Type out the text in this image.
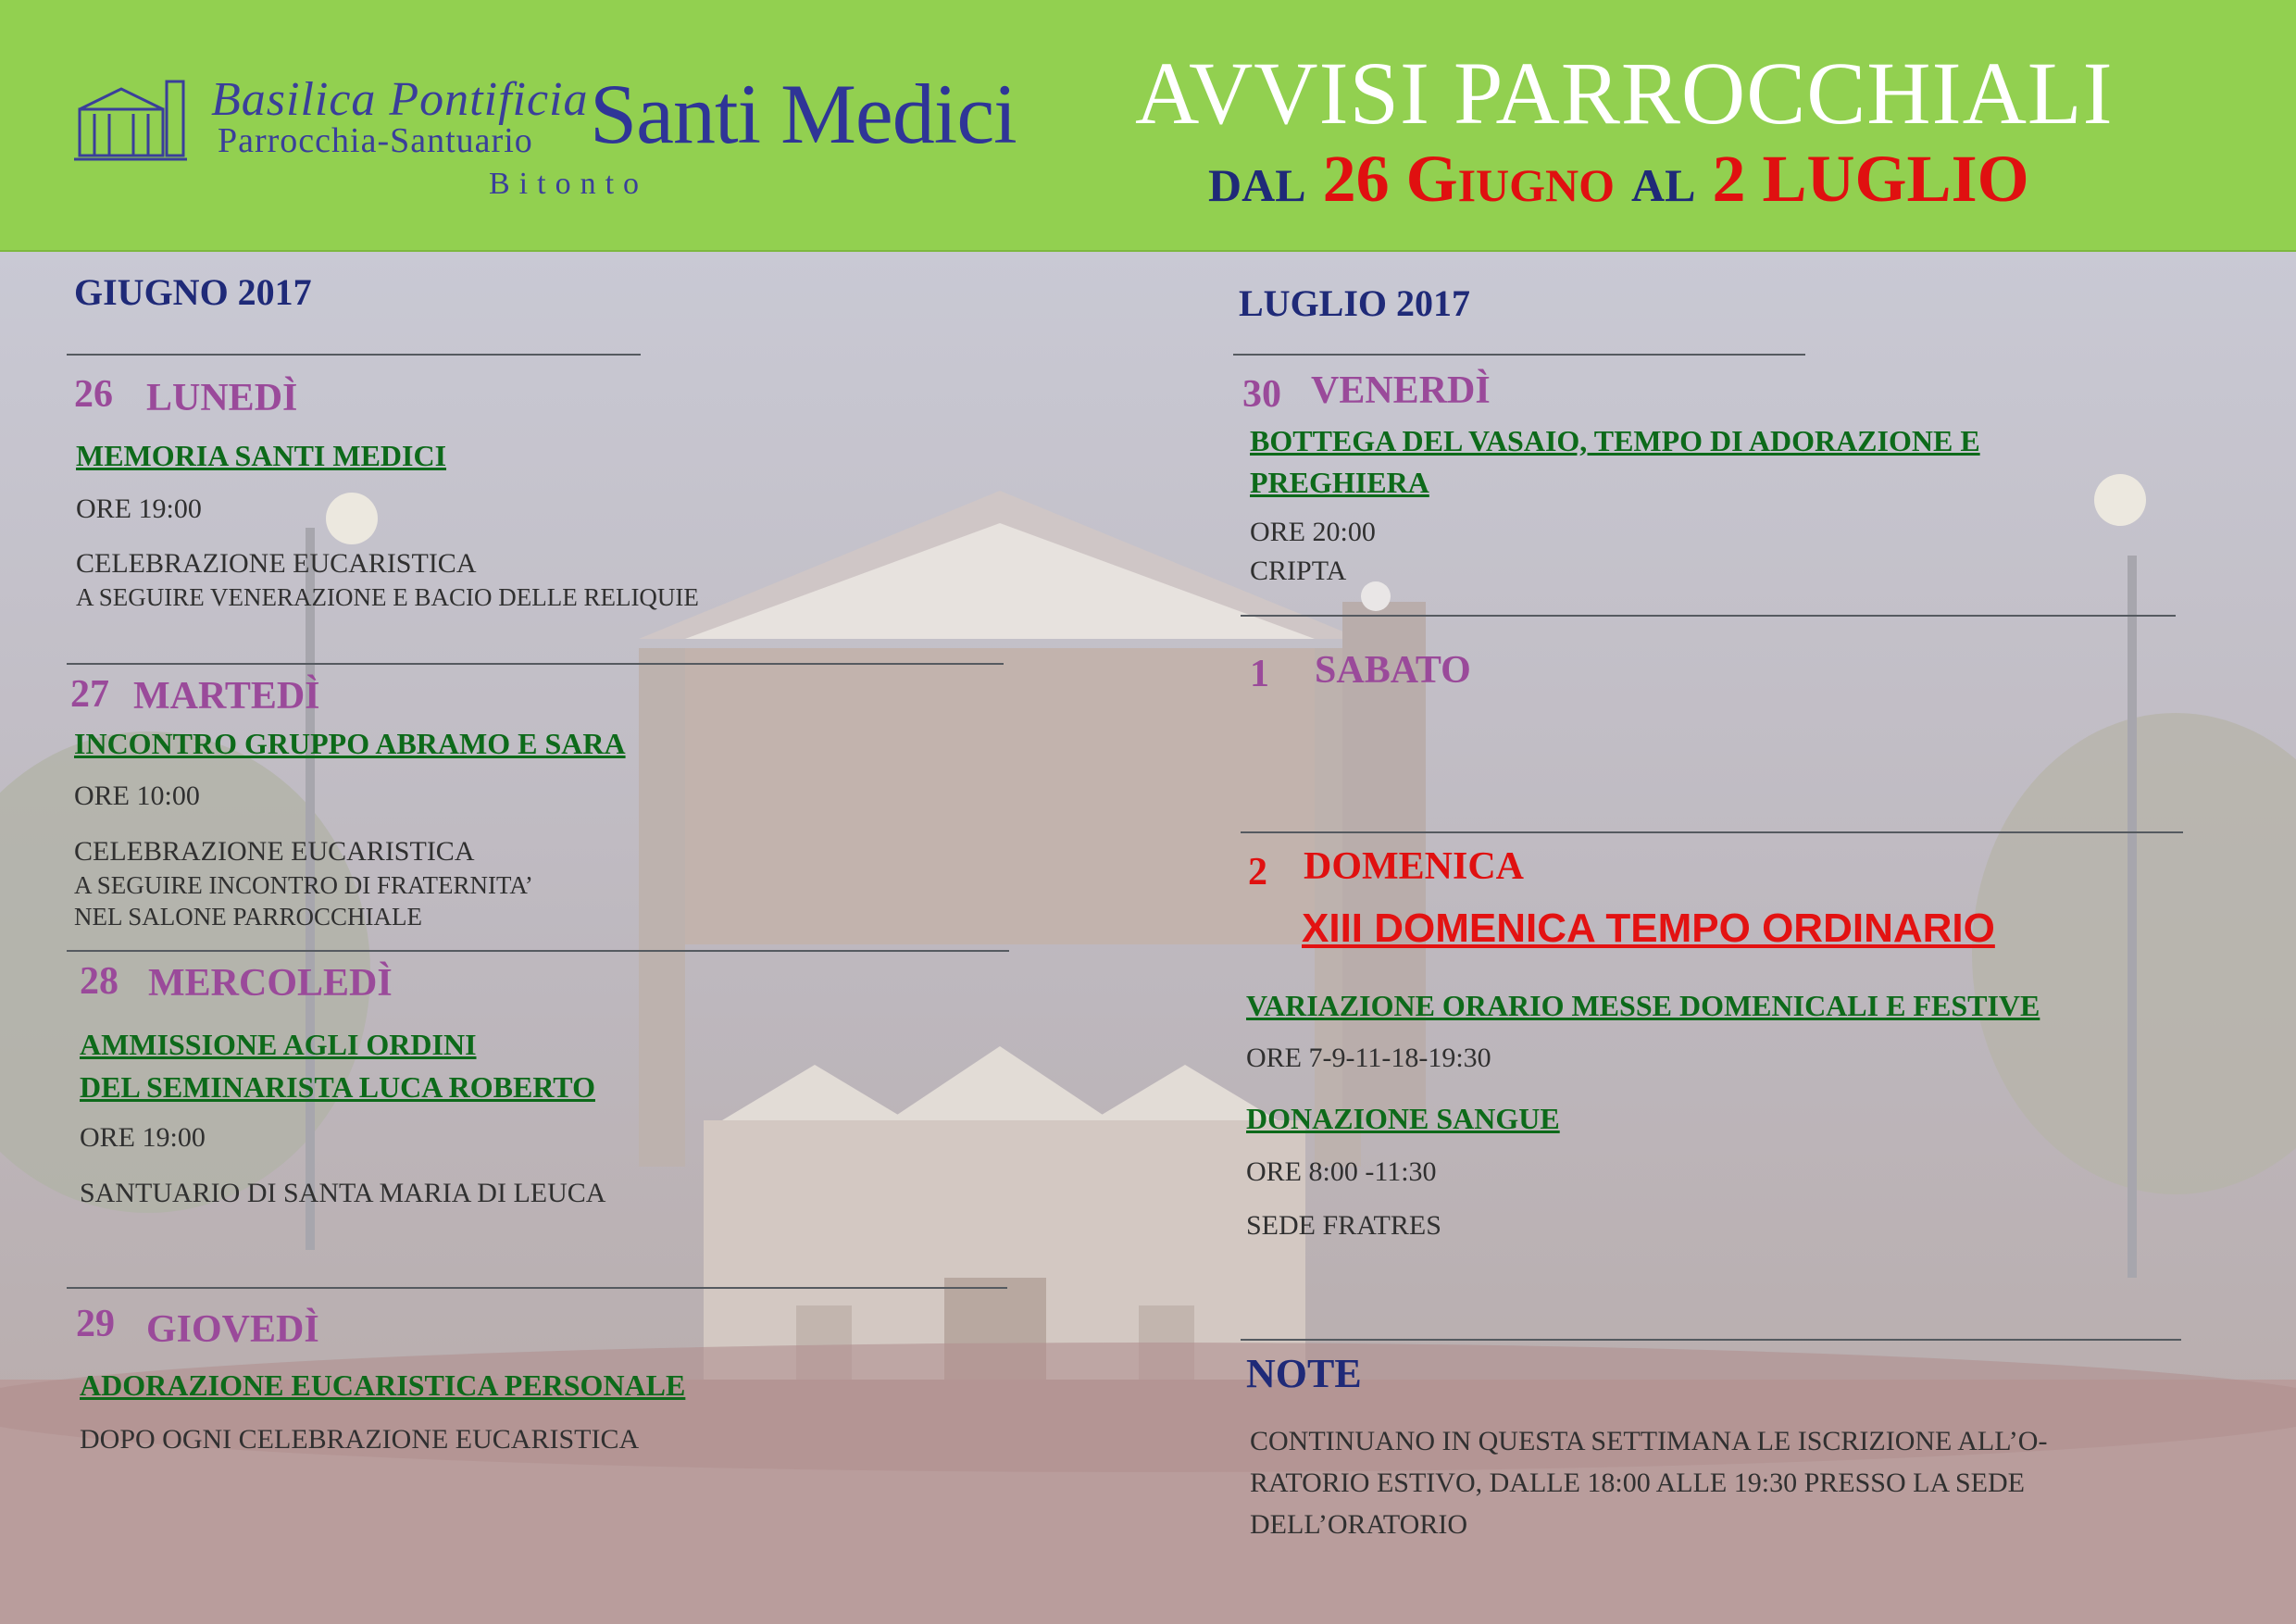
Basilica Pontificia
Parrocchia-Santuario
Bitonto
Santi Medici AVVISI PARROCCHIALI
dal 26 Giugno al 2 LUGLIO
GIUGNO 2017
26 LUNEDÌ
MEMORIA SANTI MEDICI
ORE 19:00
CELEBRAZIONE EUCARISTICA
A SEGUIRE VENERAZIONE E BACIO DELLE RELIQUIE
27 MARTEDÌ
INCONTRO GRUPPO ABRAMO E SARA
ORE 10:00
CELEBRAZIONE EUCARISTICA
A SEGUIRE INCONTRO DI FRATERNITA’
NEL SALONE PARROCCHIALE
28 MERCOLEDÌ
AMMISSIONE AGLI ORDINI
DEL SEMINARISTA LUCA ROBERTO
ORE 19:00
SANTUARIO DI SANTA MARIA DI LEUCA
29 GIOVEDÌ
ADORAZIONE EUCARISTICA PERSONALE
DOPO OGNI CELEBRAZIONE EUCARISTICA
LUGLIO 2017
30 VENERDÌ
BOTTEGA DEL VASAIO, TEMPO DI ADORAZIONE E
PREGHIERA
ORE 20:00
CRIPTA
1 SABATO
2 DOMENICA
XIII DOMENICA TEMPO ORDINARIO
VARIAZIONE ORARIO MESSE DOMENICALI E FESTIVE
ORE 7-9-11-18-19:30
DONAZIONE SANGUE
ORE 8:00 -11:30
SEDE FRATRES
NOTE
CONTINUANO IN QUESTA SETTIMANA LE ISCRIZIONE ALL’O-
RATORIO ESTIVO, DALLE 18:00 ALLE 19:30 PRESSO LA SEDE
DELL’ORATORIO
